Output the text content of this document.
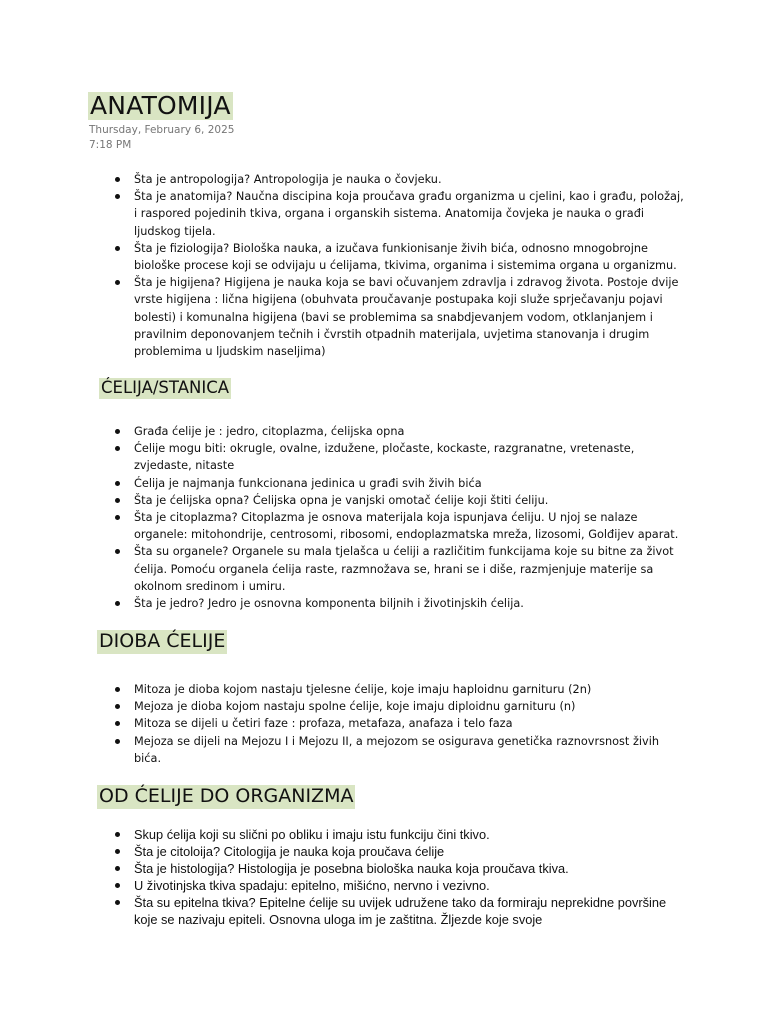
ANATOMIJA
Thursday, February 6, 2025
7:18 PM
Šta je antropologija? Antropologija je nauka o čovjeku.
Šta je anatomija? Naučna discipina koja proučava građu organizma u cjelini, kao i građu, položaj, i raspored pojedinih tkiva, organa i organskih sistema. Anatomija čovjeka je nauka o građi ljudskog tijela.
Šta je fiziologija? Biološka nauka, a izučava funkionisanje živih bića, odnosno mnogobrojne biološke procese koji se odvijaju u ćelijama, tkivima, organima i sistemima organa u organizmu.
Šta je higijena? Higijena je nauka koja se bavi očuvanjem zdravlja i zdravog života. Postoje dvije vrste higijena : lična higijena (obuhvata proučavanje postupaka koji služe sprječavanju pojavi bolesti) i komunalna higijena (bavi se problemima sa snabdjevanjem vodom, otklanjanjem i pravilnim deponovanjem tečnih i čvrstih otpadnih materijala, uvjetima stanovanja i drugim problemima u ljudskim naseljima)
ĆELIJA/STANICA
Građa ćelije je : jedro, citoplazma, ćelijska opna
Ćelije mogu biti: okrugle, ovalne, izdužene, pločaste, kockaste, razgranatne, vretenaste, zvjedaste, nitaste
Ćelija je najmanja funkcionana jedinica u građi svih živih bića
Šta je ćelijska opna? Ćelijska opna je vanjski omotač ćelije koji štiti ćeliju.
Šta je citoplazma? Citoplazma je osnova materijala koja ispunjava ćeliju. U njoj se nalaze organele: mitohondrije, centrosomi, ribosomi, endoplazmatska mreža, lizosomi, Golđijev aparat.
Šta su organele? Organele su mala tjelašca u ćeliji a različitim funkcijama koje su bitne za život ćelija. Pomoću organela ćelija raste, razmnožava se, hrani se i diše, razmjenjuje materije sa okolnom sredinom i umiru.
Šta je jedro? Jedro je osnovna komponenta biljnih i životinjskih ćelija.
DIOBA ĆELIJE
Mitoza je dioba kojom nastaju tjelesne ćelije, koje imaju haploidnu garnituru (2n)
Mejoza je dioba kojom nastaju spolne ćelije, koje imaju diploidnu garnituru (n)
Mitoza se dijeli u četiri faze : profaza, metafaza, anafaza i telo faza
Mejoza se dijeli na Mejozu I i Mejozu II, a mejozom se osigurava genetička raznovrsnost živih bića.
OD ĆELIJE DO ORGANIZMA
Skup ćelija koji su slični po obliku i imaju istu funkciju čini tkivo.
Šta je citoloija? Citologija je nauka koja proučava ćelije
Šta je histologija? Histologija je posebna biološka nauka koja proučava tkiva.
U životinjska tkiva spadaju: epitelno, mišićno, nervno i vezivno.
Šta su epitelna tkiva? Epitelne ćelije su uvijek udružene tako da formiraju neprekidne površine koje se nazivaju epiteli. Osnovna uloga im je zaštitna. Žljezde koje svoje
